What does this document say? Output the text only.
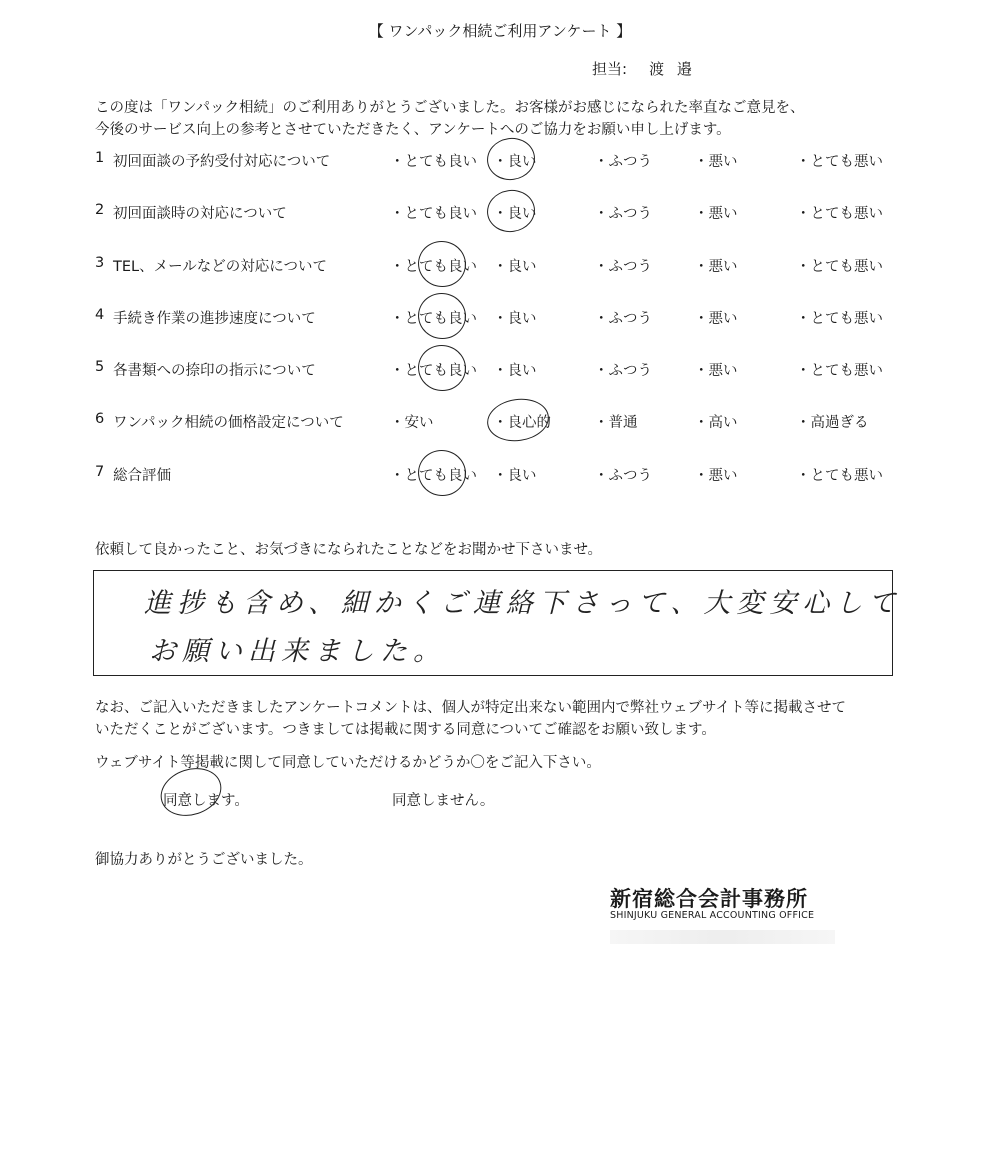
【 ワンパック相続ご利用アンケート 】
担当: 渡 邉
この度は「ワンパック相続」のご利用ありがとうございました。お客様がお感じになられた率直なご意見を、
今後のサービス向上の参考とさせていただきたく、アンケートへのご協力をお願い申し上げます。
1 初回面談の予約受付対応について	・とても良い ・良い	・ふつう	・悪い	・とても悪い
2 初回面談時の対応について	・とても良い ・良い	・ふつう	・悪い	・とても悪い
3 TEL、メールなどの対応について	・とても良い ・良い	・ふつう	・悪い	・とても悪い
4 手続き作業の進捗速度について	・とても良い ・良い	・ふつう	・悪い	・とても悪い
5 各書類への捺印の指示について	・とても良い ・良い	・ふつう	・悪い	・とても悪い
6 ワンパック相続の価格設定について	・安い	・良心的	・普通	・高い	・高過ぎる
7 総合評価	・とても良い ・良い	・ふつう	・悪い	・とても悪い
依頼して良かったこと、お気づきになられたことなどをお聞かせ下さいませ。
進捗も含め、細かくご連絡下さって、大変安心して
お願い出来ました。
なお、ご記入いただきましたアンケートコメントは、個人が特定出来ない範囲内で弊社ウェブサイト等に掲載させて
いただくことがございます。つきましては掲載に関する同意についてご確認をお願い致します。
ウェブサイト等掲載に関して同意していただけるかどうか〇をご記入下さい。
同意します。	同意しません。
御協力ありがとうございました。
新宿総合会計事務所
SHINJUKU GENERAL ACCOUNTING OFFICE
